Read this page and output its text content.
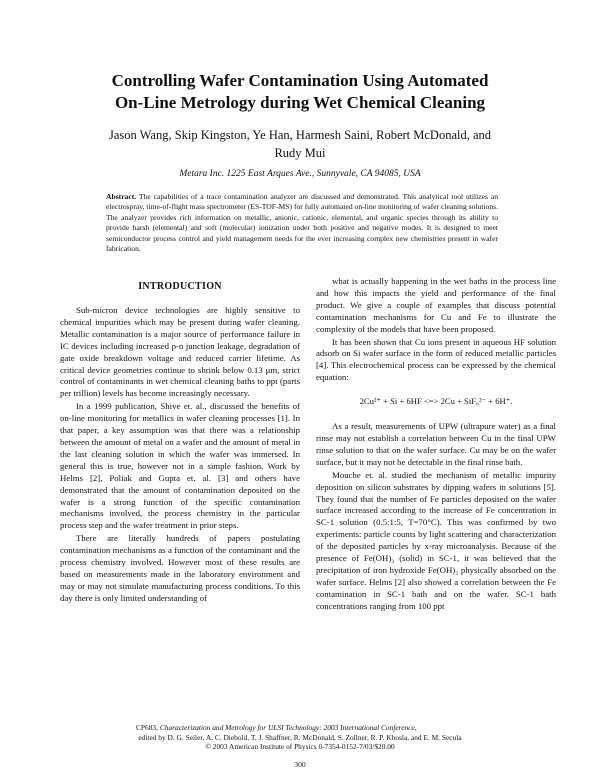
Controlling Wafer Contamination Using Automated
On-Line Metrology during Wet Chemical Cleaning
Jason Wang, Skip Kingston, Ye Han, Harmesh Saini, Robert McDonald, and
Rudy Mui
Metara Inc. 1225 East Arques Ave., Sunnyvale, CA 94085, USA
Abstract. The capabilities of a trace contamination analyzer are discussed and demonstrated. This analytical tool utilizes an electrospray, time-of-flight mass spectrometer (ES-TOF-MS) for fully automated on-line monitoring of wafer cleaning solutions. The analyzer provides rich information on metallic, anionic, cationic, elemental, and organic species through its ability to provide harsh (elemental) and soft (molecular) ionization under both positive and negative modes. It is designed to meet semiconductor process control and yield management needs for the ever increasing complex new chemistries present in wafer fabrication.
INTRODUCTION

Sub-micron device technologies are highly sensitive to chemical impurities which may be present during wafer cleaning. Metallic contamination is a major source of performance failure in IC devices including increased p-n junction leakage, degradation of gate oxide breakdown voltage and reduced carrier lifetime. As critical device geometries continue to shrink below 0.13 μm, strict control of contaminants in wet chemical cleaning baths to ppt (parts per trillion) levels has become increasingly necessary.

In a 1999 publication, Shive et. al., discussed the benefits of on-line monitoring for metallics in wafer cleaning processes [1]. In that paper, a key assumption was that there was a relationship between the amount of metal on a wafer and the amount of metal in the last cleaning solution in which the wafer was immersed. In general this is true, however not in a simple fashion. Work by Helms [2], Poliak and Gupta et. al. [3] and others have demonstrated that the amount of contamination deposited on the wafer is a strong function of the specific contamination mechanisms involved, the process chemistry in the particular process step and the wafer treatment in prior steps.

There are literally hundreds of papers postulating contamination mechanisms as a function of the contaminant and the process chemistry involved. However most of these results are based on measurements made in the laboratory environment and may or may not simulate manufacturing process conditions. To this day there is only limited understanding of

what is actually happening in the wet baths in the process line and how this impacts the yield and performance of the final product. We give a couple of examples that discuss potential contamination mechanisms for Cu and Fe to illustrate the complexity of the models that have been proposed.

It has been shown that Cu ions present in aqueous HF solution adsorb on Si wafer surface in the form of reduced metallic particles [4]. This electrochemical process can be expressed by the chemical equation:

2Cu²⁺ + Si + 6HF <=> 2Cu + SiF₆²⁻ + 6H⁺.

As a result, measurements of UPW (ultrapure water) as a final rinse may not establish a correlation between Cu in the final UPW rinse solution to that on the wafer surface. Cu may be on the wafer surface, but it may not be detectable in the final rinse bath.

Mouche et. al. studied the mechanism of metallic impurity deposition on silicon substrates by dipping wafers in solutions [5]. They found that the number of Fe particles deposited on the wafer surface increased according to the increase of Fe concentration in SC-1 solution (0.5:1:5, T=70°C). This was confirmed by two experiments: particle counts by light scattering and characterization of the deposited particles by x-ray microanalysis. Because of the presence of Fe(OH)₃ (solid) in SC-1, it was believed that the precipitation of iron hydroxide Fe(OH)₃ physically absorbed on the wafer surface. Helms [2] also showed a correlation between the Fe contamination in SC-1 bath and on the wafer. SC-1 bath concentrations ranging from 100 ppt

CP683, Characterization and Metrology for ULSI Technology: 2003 International Conference,
edited by D. G. Seiler, A. C. Diebold, T. J. Shaffner, R. McDonald, S. Zollner, R. P. Khosla, and E. M. Secula
© 2003 American Institute of Physics 0-7354-0152-7/03/$20.00
300
